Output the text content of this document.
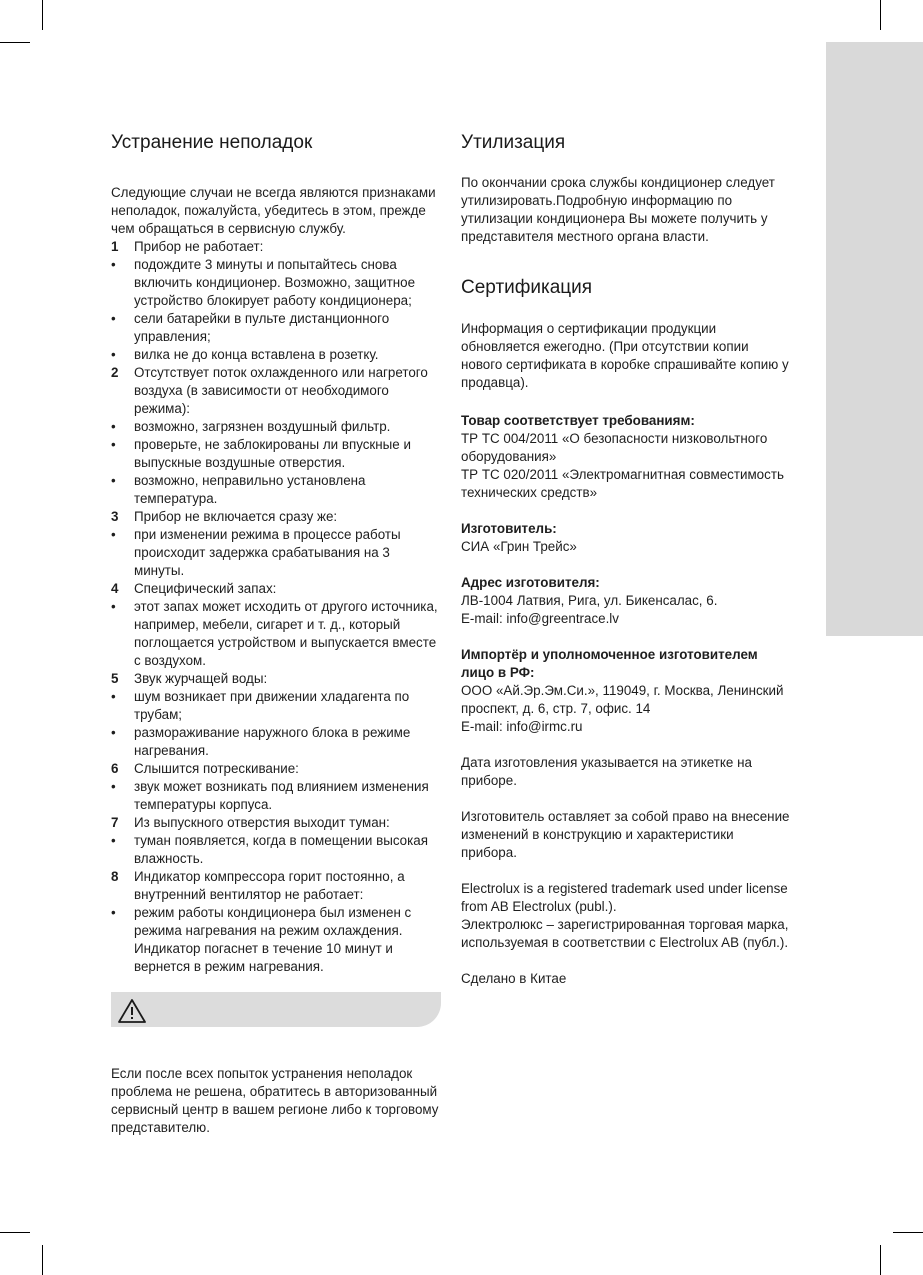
Устранение неполадок

Следующие случаи не всегда являются признаками неполадок, пожалуйста, убедитесь в этом, прежде чем обращаться в сервисную службу.

1 Прибор не работает:
• подождите 3 минуты и попытайтесь снова включить кондиционер. Возможно, защитное устройство блокирует работу кондиционера;
• сели батарейки в пульте дистанционного управления;
• вилка не до конца вставлена в розетку.
2 Отсутствует поток охлажденного или нагретого воздуха (в зависимости от необходимого режима):
• возможно, загрязнен воздушный фильтр.
• проверьте, не заблокированы ли впускные и выпускные воздушные отверстия.
• возможно, неправильно установлена температура.
3 Прибор не включается сразу же:
• при изменении режима в процессе работы происходит задержка срабатывания на 3 минуты.
4 Специфический запах:
• этот запах может исходить от другого источника, например, мебели, сигарет и т. д., который поглощается устройством и выпускается вместе с воздухом.
5 Звук журчащей воды:
• шум возникает при движении хладагента по трубам;
• размораживание наружного блока в режиме нагревания.
6 Слышится потрескивание:
• звук может возникать под влиянием изменения температуры корпуса.
7 Из выпускного отверстия выходит туман:
• туман появляется, когда в помещении высокая влажность.
8 Индикатор компрессора горит постоянно, а внутренний вентилятор не работает:
• режим работы кондиционера был изменен с режима нагревания на режим охлаждения. Индикатор погаснет в течение 10 минут и вернется в режим нагревания.

Если после всех попыток устранения неполадок проблема не решена, обратитесь в авторизованный сервисный центр в вашем регионе либо к торговому представителю.

Утилизация

По окончании срока службы кондиционер следует утилизировать.Подробную информацию по утилизации кондиционера Вы можете получить у представителя местного органа власти.

Сертификация

Информация о сертификации продукции обновляется ежегодно. (При отсутствии копии нового сертификата в коробке спрашивайте копию у продавца).

Товар соответствует требованиям:

ТР ТС 004/2011 «О безопасности низковольтного оборудования»

ТР ТС 020/2011 «Электромагнитная совместимость технических средств»

Изготовитель:

СИА «Грин Трейс»

Адрес изготовителя:

ЛВ-1004 Латвия, Рига, ул. Бикенсалас, 6.

E-mail: info@greentrace.lv

Импортёр и уполномоченное изготовителем лицо в РФ:

ООО «Ай.Эр.Эм.Си.», 119049, г. Москва, Ленинский проспект, д. 6, стр. 7, офис. 14

E-mail: info@irmc.ru

Дата изготовления указывается на этикетке на приборе.

Изготовитель оставляет за собой право на внесение изменений в конструкцию и характеристики прибора.

Electrolux is a registered trademark used under license from AB Electrolux (publ.).

Электролюкс – зарегистрированная торговая марка, используемая в соответствии с Electrolux AB (публ.).

Сделано в Китае
